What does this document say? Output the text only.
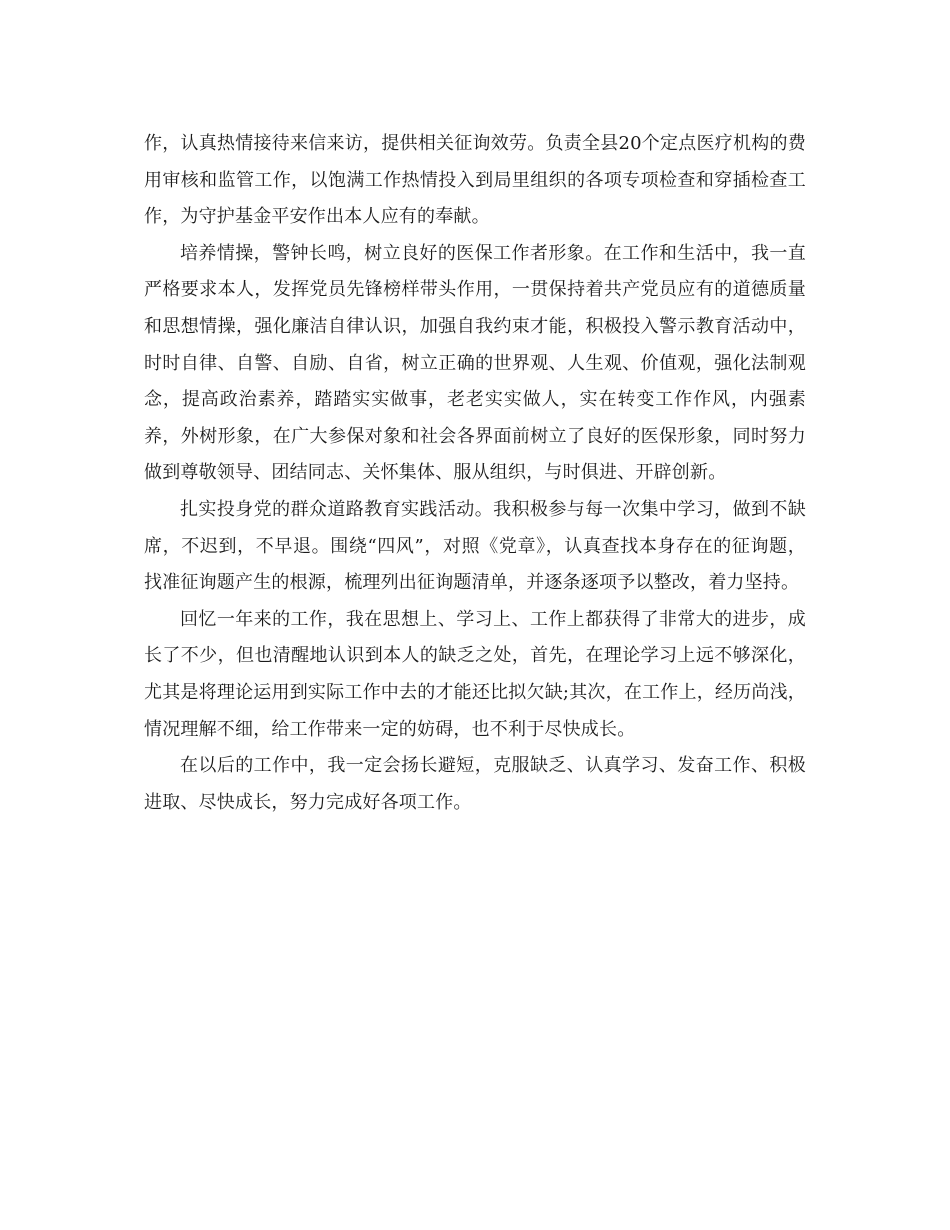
作，认真热情接待来信来访，提供相关征询效劳。负责全县20个定点医疗机构的费用审核和监管工作，以饱满工作热情投入到局里组织的各项专项检查和穿插检查工作，为守护基金平安作出本人应有的奉献。

培养情操，警钟长鸣，树立良好的医保工作者形象。在工作和生活中，我一直严格要求本人，发挥党员先锋榜样带头作用，一贯保持着共产党员应有的道德质量和思想情操，强化廉洁自律认识，加强自我约束才能，积极投入警示教育活动中，时时自律、自警、自励、自省，树立正确的世界观、人生观、价值观，强化法制观念，提高政治素养，踏踏实实做事，老老实实做人，实在转变工作作风，内强素养，外树形象，在广大参保对象和社会各界面前树立了良好的医保形象，同时努力做到尊敬领导、团结同志、关怀集体、服从组织，与时俱进、开辟创新。

扎实投身党的群众道路教育实践活动。我积极参与每一次集中学习，做到不缺席，不迟到，不早退。围绕“四风”，对照《党章》，认真查找本身存在的征询题，找准征询题产生的根源，梳理列出征询题清单，并逐条逐项予以整改，着力坚持。

回忆一年来的工作，我在思想上、学习上、工作上都获得了非常大的进步，成长了不少，但也清醒地认识到本人的缺乏之处，首先，在理论学习上远不够深化，尤其是将理论运用到实际工作中去的才能还比拟欠缺;其次，在工作上，经历尚浅，情况理解不细，给工作带来一定的妨碍，也不利于尽快成长。

在以后的工作中，我一定会扬长避短，克服缺乏、认真学习、发奋工作、积极进取、尽快成长，努力完成好各项工作。
